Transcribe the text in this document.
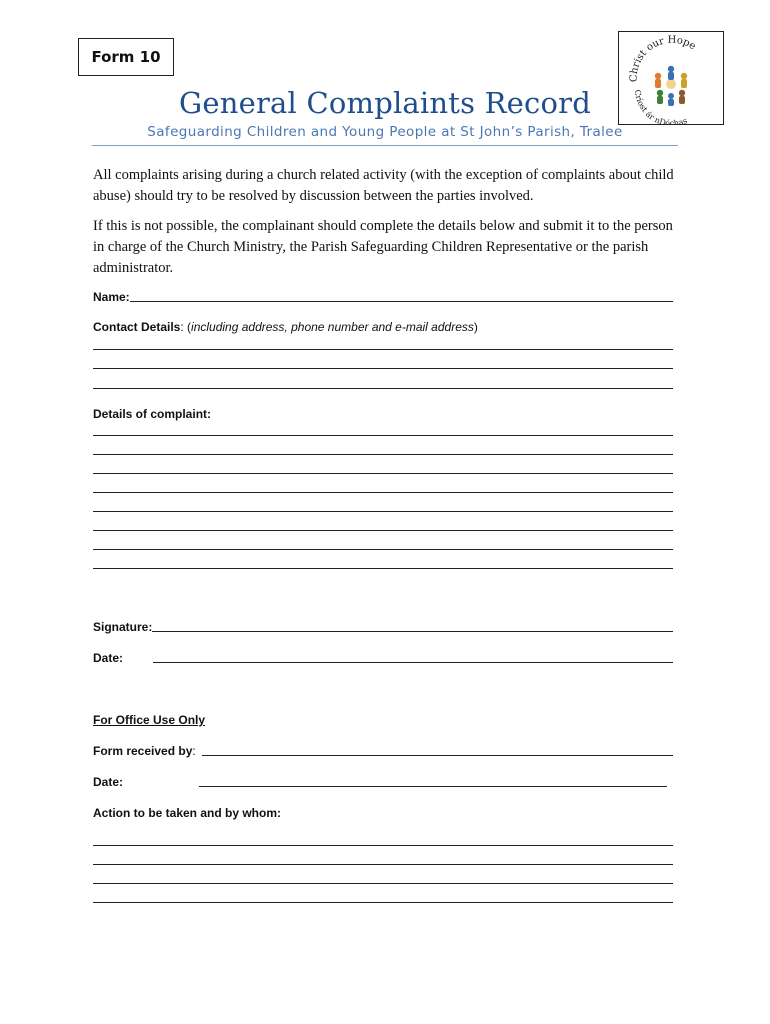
Form 10
Christ our Hope
Críost ár nDóchas
General Complaints Record
Safeguarding Children and Young People at St John’s Parish, Tralee
All complaints arising during a church related activity (with the exception of complaints about child abuse) should try to be resolved by discussion between the parties involved.
If this is not possible, the complainant should complete the details below and submit it to the person in charge of the Church Ministry, the Parish Safeguarding Children Representative or the parish administrator.
Name:
Contact Details : ( including address, phone number and e-mail address )
Details of complaint:
Signature:
Date:
For Office Use Only
Form received by :
Date:
Action to be taken and by whom:
